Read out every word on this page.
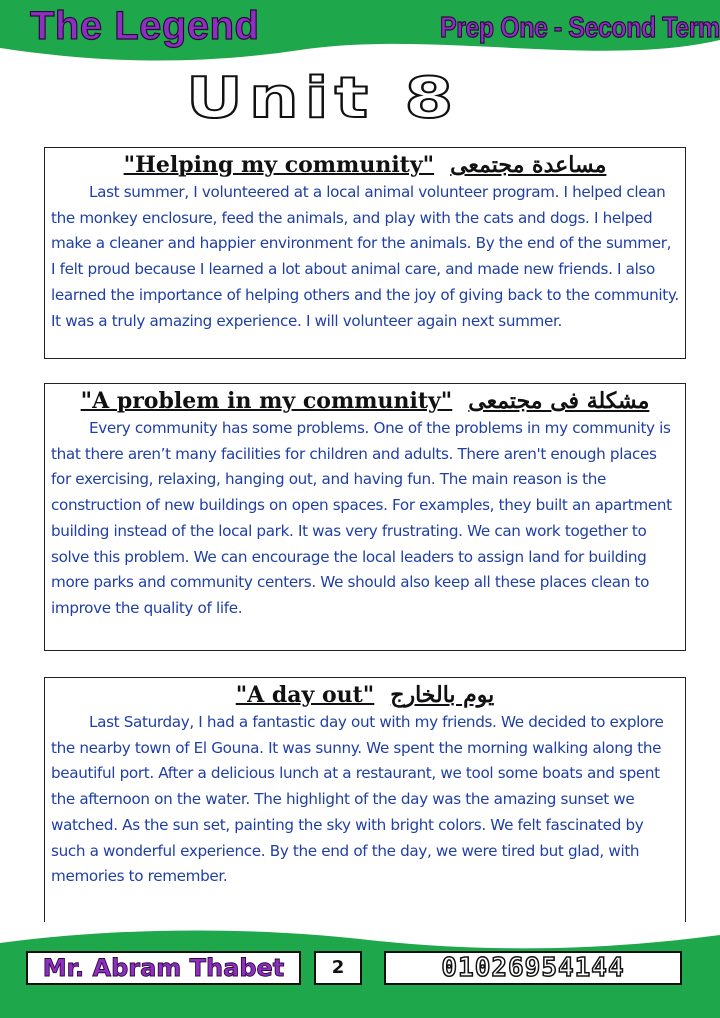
The Legend	Prep One - Second Term
Unit 8
"Helping my community" مساعدة مجتمعى
Last summer, I volunteered at a local animal volunteer program. I helped clean the monkey enclosure, feed the animals, and play with the cats and dogs. I helped make a cleaner and happier environment for the animals. By the end of the summer, I felt proud because I learned a lot about animal care, and made new friends. I also learned the importance of helping others and the joy of giving back to the community. It was a truly amazing experience. I will volunteer again next summer.
"A problem in my community" مشكلة فى مجتمعى
Every community has some problems. One of the problems in my community is that there aren’t many facilities for children and adults. There aren't enough places for exercising, relaxing, hanging out, and having fun. The main reason is the construction of new buildings on open spaces. For examples, they built an apartment building instead of the local park. It was very frustrating. We can work together to solve this problem. We can encourage the local leaders to assign land for building more parks and community centers. We should also keep all these places clean to improve the quality of life.
"A day out" يوم بالخارج
Last Saturday, I had a fantastic day out with my friends. We decided to explore the nearby town of El Gouna. It was sunny. We spent the morning walking along the beautiful port. After a delicious lunch at a restaurant, we tool some boats and spent the afternoon on the water. The highlight of the day was the amazing sunset we watched. As the sun set, painting the sky with bright colors. We felt fascinated by such a wonderful experience. By the end of the day, we were tired but glad, with memories to remember.
Mr. Abram Thabet	2	01026954144
